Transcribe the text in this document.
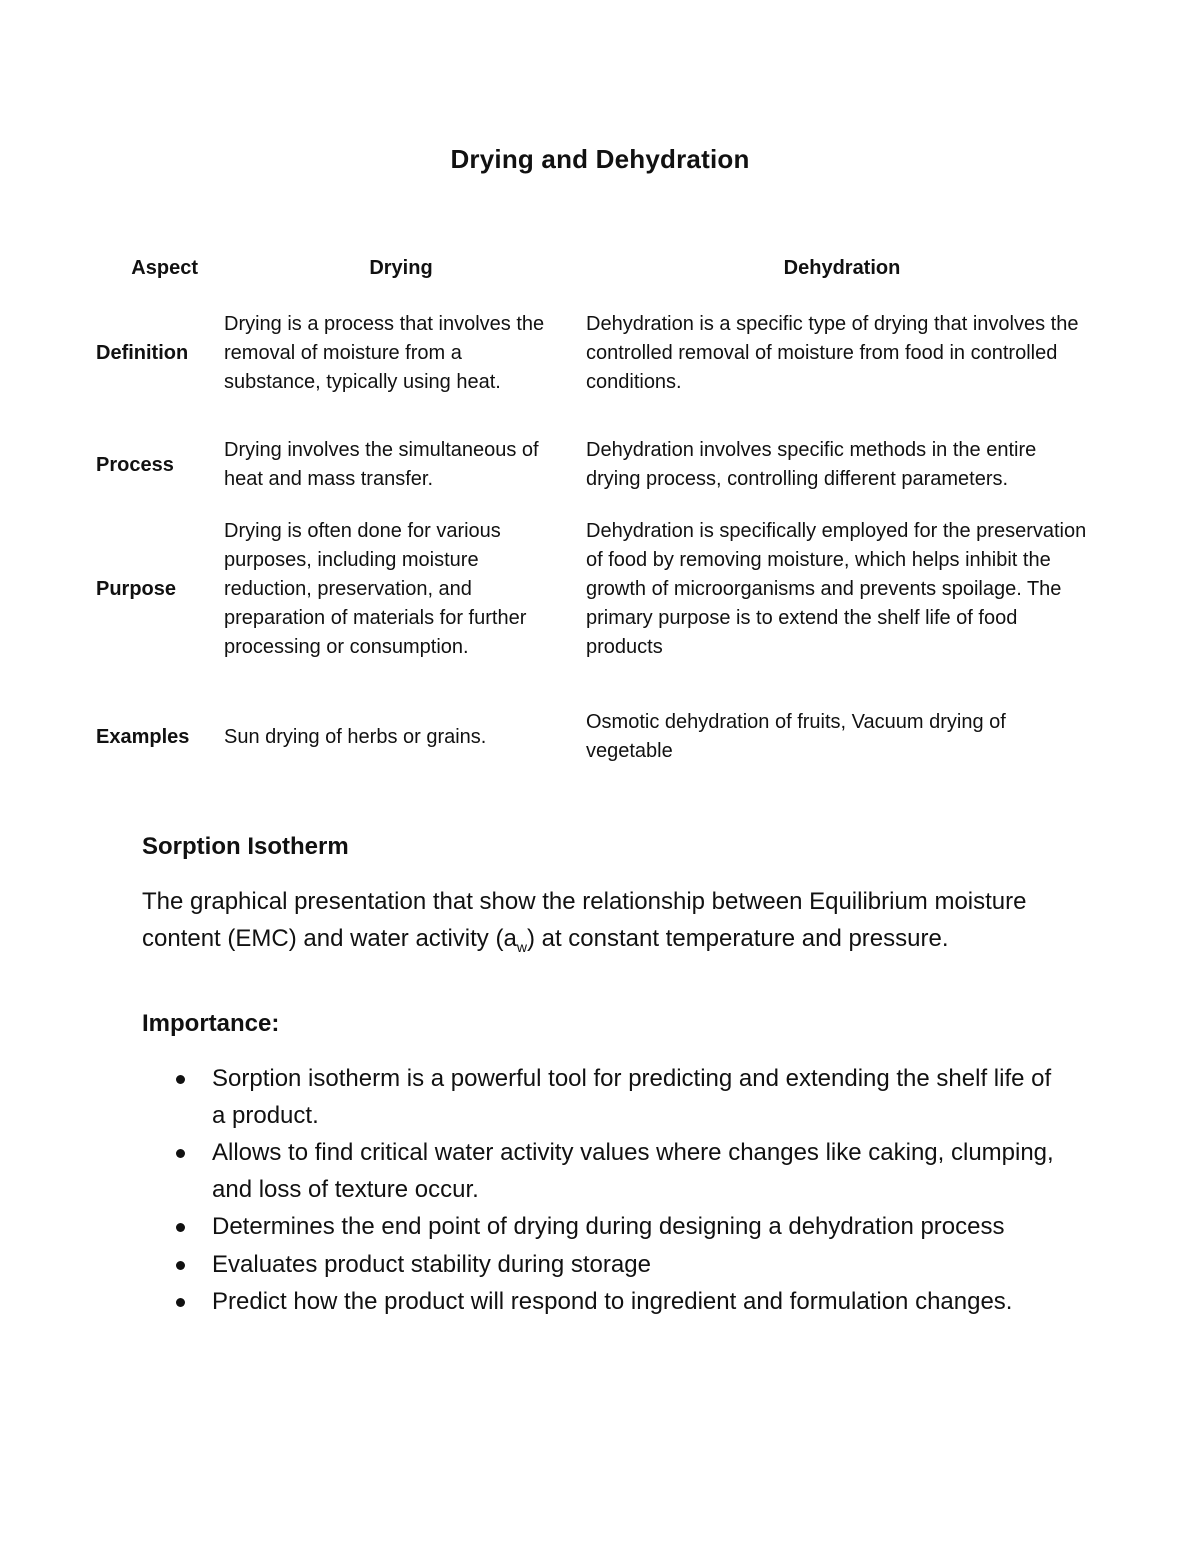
Drying and Dehydration
Aspect	Drying	Dehydration
Definition	Drying is a process that involves the removal of moisture from a substance, typically using heat.	Dehydration is a specific type of drying that involves the controlled removal of moisture from food in controlled conditions.
Process	Drying involves the simultaneous of heat and mass transfer.	Dehydration involves specific methods in the entire drying process, controlling different parameters.
Purpose	Drying is often done for various purposes, including moisture reduction, preservation, and preparation of materials for further processing or consumption.	Dehydration is specifically employed for the preservation of food by removing moisture, which helps inhibit the growth of microorganisms and prevents spoilage. The primary purpose is to extend the shelf life of food products
Examples	Sun drying of herbs or grains.	Osmotic dehydration of fruits, Vacuum drying of vegetable
Sorption Isotherm
The graphical presentation that show the relationship between Equilibrium moisture content (EMC) and water activity $(a_w)$ at constant temperature and pressure.
Importance:
Sorption isotherm is a powerful tool for predicting and extending the shelf life of a product.
Allows to find critical water activity values where changes like caking, clumping, and loss of texture occur.
Determines the end point of drying during designing a dehydration process
Evaluates product stability during storage
Predict how the product will respond to ingredient and formulation changes.
